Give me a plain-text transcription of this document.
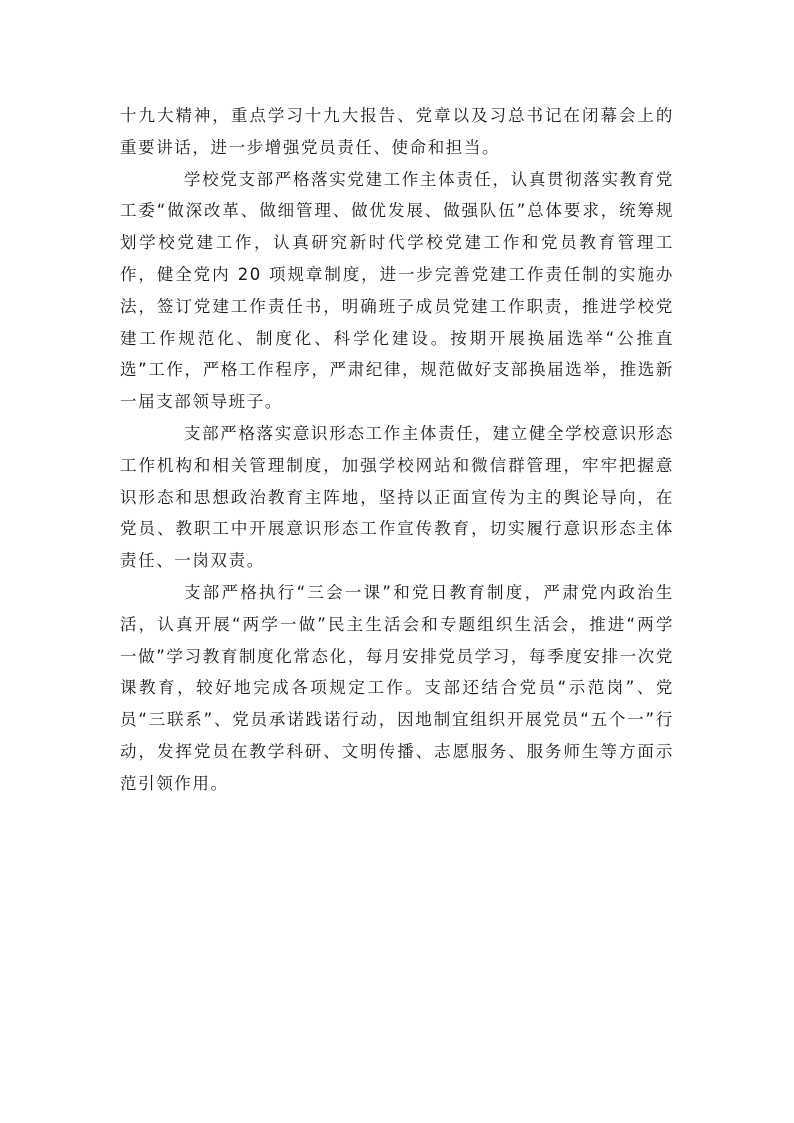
十九大精神，重点学习十九大报告、党章以及习总书记在闭幕会上的重要讲话，进一步增强党员责任、使命和担当。

学校党支部严格落实党建工作主体责任，认真贯彻落实教育党工委“做深改革、做细管理、做优发展、做强队伍”总体要求，统筹规划学校党建工作，认真研究新时代学校党建工作和党员教育管理工作，健全党内 20 项规章制度，进一步完善党建工作责任制的实施办法，签订党建工作责任书，明确班子成员党建工作职责，推进学校党建工作规范化、制度化、科学化建设。按期开展换届选举“公推直选”工作，严格工作程序，严肃纪律，规范做好支部换届选举，推选新一届支部领导班子。

支部严格落实意识形态工作主体责任，建立健全学校意识形态工作机构和相关管理制度，加强学校网站和微信群管理，牢牢把握意识形态和思想政治教育主阵地，坚持以正面宣传为主的舆论导向，在党员、教职工中开展意识形态工作宣传教育，切实履行意识形态主体责任、一岗双责。

支部严格执行“三会一课”和党日教育制度，严肃党内政治生活，认真开展“两学一做”民主生活会和专题组织生活会，推进“两学一做”学习教育制度化常态化，每月安排党员学习，每季度安排一次党课教育，较好地完成各项规定工作。支部还结合党员“示范岗”、党员“三联系”、党员承诺践诺行动，因地制宜组织开展党员“五个一”行动，发挥党员在教学科研、文明传播、志愿服务、服务师生等方面示范引领作用。
